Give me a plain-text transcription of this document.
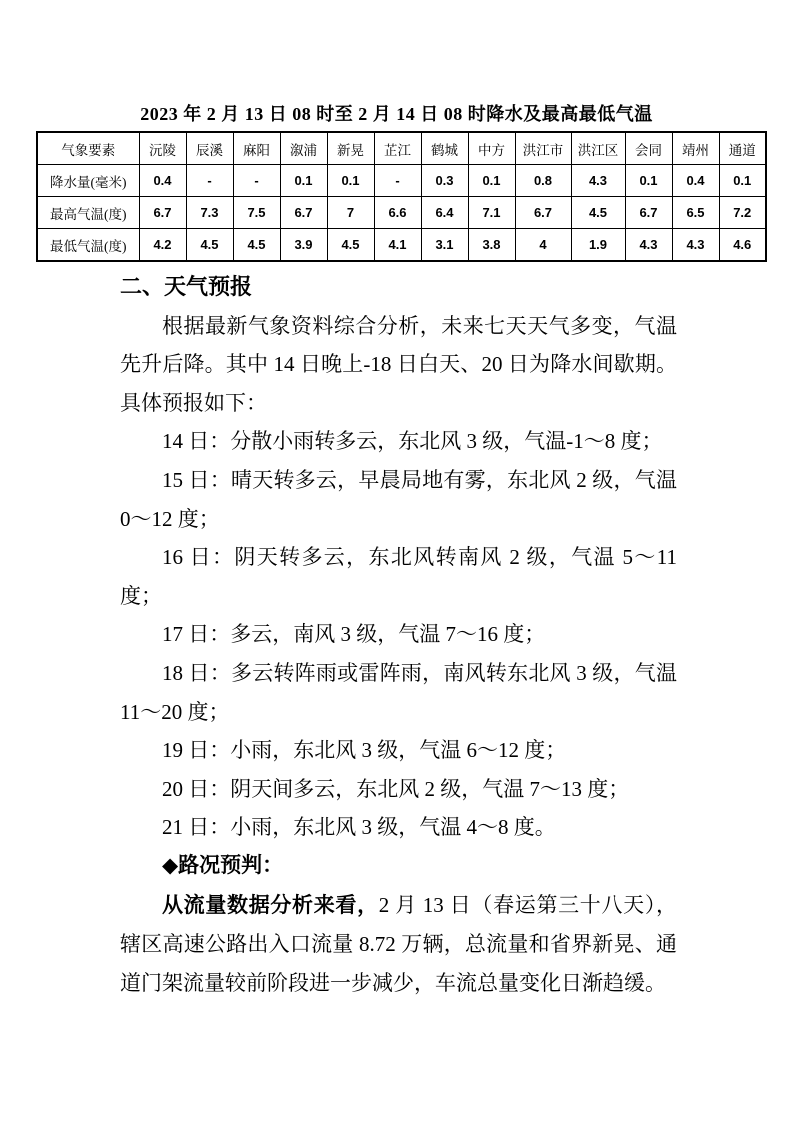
2023 年 2 月 13 日 08 时至 2 月 14 日 08 时降水及最高最低气温
气象要素	沅陵	辰溪	麻阳	溆浦	新晃	芷江	鹤城	中方	洪江市	洪江区	会同	靖州	通道
降水量(毫米)	0.4	-	-	0.1	0.1	-	0.3	0.1	0.8	4.3	0.1	0.4	0.1
最高气温(度)	6.7	7.3	7.5	6.7	7	6.6	6.4	7.1	6.7	4.5	6.7	6.5	7.2
最低气温(度)	4.2	4.5	4.5	3.9	4.5	4.1	3.1	3.8	4	1.9	4.3	4.3	4.6
二、天气预报

根据最新气象资料综合分析，未来七天天气多变，气温先升后降。其中 14 日晚上-18 日白天、20 日为降水间歇期。具体预报如下：

14 日：分散小雨转多云，东北风 3 级，气温-1～8 度；

15 日：晴天转多云，早晨局地有雾，东北风 2 级，气温 0～12 度；

16 日：阴天转多云，东北风转南风 2 级，气温 5～11 度；

17 日：多云，南风 3 级，气温 7～16 度；

18 日：多云转阵雨或雷阵雨，南风转东北风 3 级，气温 11～20 度；

19 日：小雨，东北风 3 级，气温 6～12 度；

20 日：阴天间多云，东北风 2 级，气温 7～13 度；

21 日：小雨，东北风 3 级，气温 4～8 度。

◆路况预判：

从流量数据分析来看，2 月 13 日（春运第三十八天），辖区高速公路出入口流量 8.72 万辆，总流量和省界新晃、通道门架流量较前阶段进一步减少，车流总量变化日渐趋缓。
